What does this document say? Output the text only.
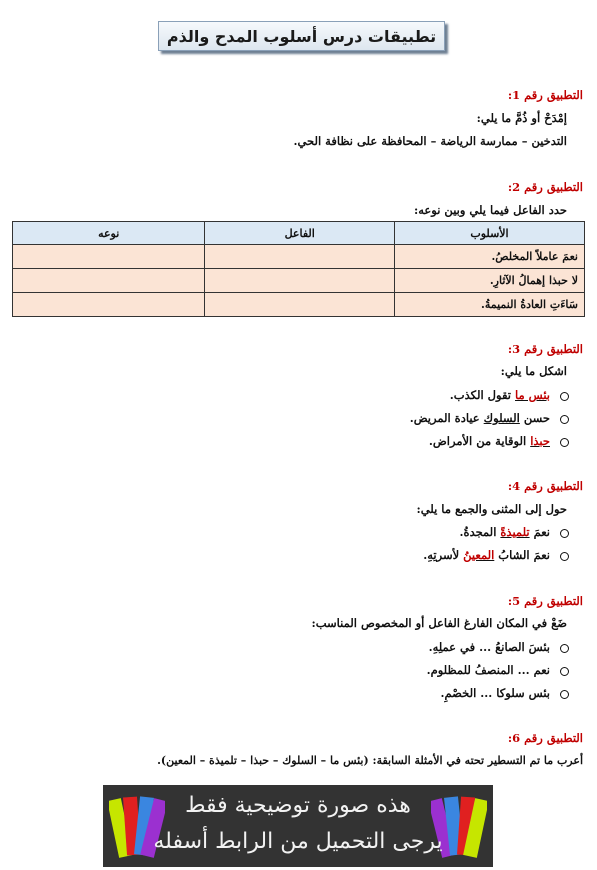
تطبيقات درس أسلوب المدح والذم
التطبيق رقم 1:
إمْدَحْ أو ذُمَّ ما يلي:
التدخين – ممارسة الرياضة – المحافظة على نظافة الحي.
التطبيق رقم 2:
حدد الفاعل فيما يلي وبين نوعه:
الأسلوب	الفاعل	نوعه
نعمَ عاملاً المخلصُ.		
لا حبذا إهمالُ الآثارِ.		
سَاءَتِ العادةُ النميمةُ.		
التطبيق رقم 3:
اشكل ما يلي:
بئس ما تقول الكذب.
حسن السلوك عيادة المريض.
حبذا الوقاية من الأمراض.
التطبيق رقم 4:
حول إلى المثنى والجمع ما يلي:
نعمَ تلميذةً المجدةُ.
نعمَ الشابُ المعينُ لأسرتِهِ.
التطبيق رقم 5:
ضَعْ في المكان الفارغ الفاعل أو المخصوص المناسب:
بئسَ الصانعُ ... في عملِهِ.
نعم ... المنصفُ للمظلوم.
بئس سلوكا ... الخصْمِ.
التطبيق رقم 6:
أعرب ما تم التسطير تحته في الأمثلة السابقة: (بئس ما – السلوك – حبذا – تلميذة – المعين).
هذه صورة توضيحية فقط
يرجى التحميل من الرابط أسفله
